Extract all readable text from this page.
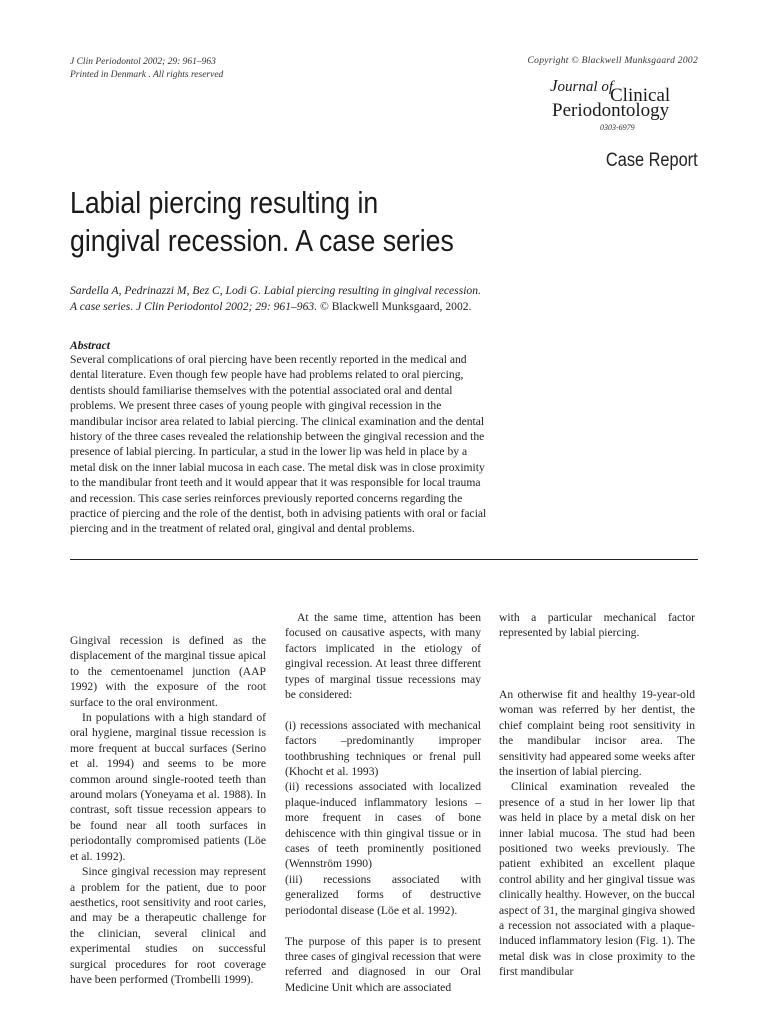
J Clin Periodontol 2002; 29: 961–963
Printed in Denmark . All rights reserved
Copyright © Blackwell Munksgaard 2002
Journal of
Clinical
Periodontology
0303-6979
Case Report
Labial piercing resulting in
gingival recession. A case series
Sardella A, Pedrinazzi M, Bez C, Lodi G. Labial piercing resulting in gingival recession. A case series. J Clin Periodontol 2002; 29: 961–963. © Blackwell Munksgaard, 2002.
Abstract
Several complications of oral piercing have been recently reported in the medical and dental literature. Even though few people have had problems related to oral piercing, dentists should familiarise themselves with the potential associated oral and dental problems. We present three cases of young people with gingival recession in the mandibular incisor area related to labial piercing. The clinical examination and the dental history of the three cases revealed the relationship between the gingival recession and the presence of labial piercing. In particular, a stud in the lower lip was held in place by a metal disk on the inner labial mucosa in each case. The metal disk was in close proximity to the mandibular front teeth and it would appear that it was responsible for local trauma and recession. This case series reinforces previously reported concerns regarding the practice of piercing and the role of the dentist, both in advising patients with oral or facial piercing and in the treatment of related oral, gingival and dental problems.

Gingival recession is defined as the displacement of the marginal tissue apical to the cementoenamel junction (AAP 1992) with the exposure of the root surface to the oral environment.

In populations with a high standard of oral hygiene, marginal tissue recession is more frequent at buccal surfaces (Serino et al. 1994) and seems to be more common around single-rooted teeth than around molars (Yoneyama et al. 1988). In contrast, soft tissue recession appears to be found near all tooth surfaces in periodontally compromised patients (Löe et al. 1992).

Since gingival recession may represent a problem for the patient, due to poor aesthetics, root sensitivity and root caries, and may be a therapeutic challenge for the clinician, several clinical and experimental studies on successful surgical procedures for root coverage have been performed (Trombelli 1999).

At the same time, attention has been focused on causative aspects, with many factors implicated in the etiology of gingival recession. At least three different types of marginal tissue recessions may be considered:

(i) recessions associated with mechanical factors –predominantly improper toothbrushing techniques or frenal pull (Khocht et al. 1993)

(ii) recessions associated with localized plaque-induced inflammatory lesions – more frequent in cases of bone dehiscence with thin gingival tissue or in cases of teeth prominently positioned (Wennström 1990)

(iii) recessions associated with generalized forms of destructive periodontal disease (Löe et al. 1992).

The purpose of this paper is to present three cases of gingival recession that were referred and diagnosed in our Oral Medicine Unit which are associated

with a particular mechanical factor represented by labial piercing.

An otherwise fit and healthy 19-year-old woman was referred by her dentist, the chief complaint being root sensitivity in the mandibular incisor area. The sensitivity had appeared some weeks after the insertion of labial piercing.

Clinical examination revealed the presence of a stud in her lower lip that was held in place by a metal disk on her inner labial mucosa. The stud had been positioned two weeks previously. The patient exhibited an excellent plaque control ability and her gingival tissue was clinically healthy. However, on the buccal aspect of 31, the marginal gingiva showed a recession not associated with a plaque-induced inflammatory lesion (Fig. 1). The metal disk was in close proximity to the first mandibular
